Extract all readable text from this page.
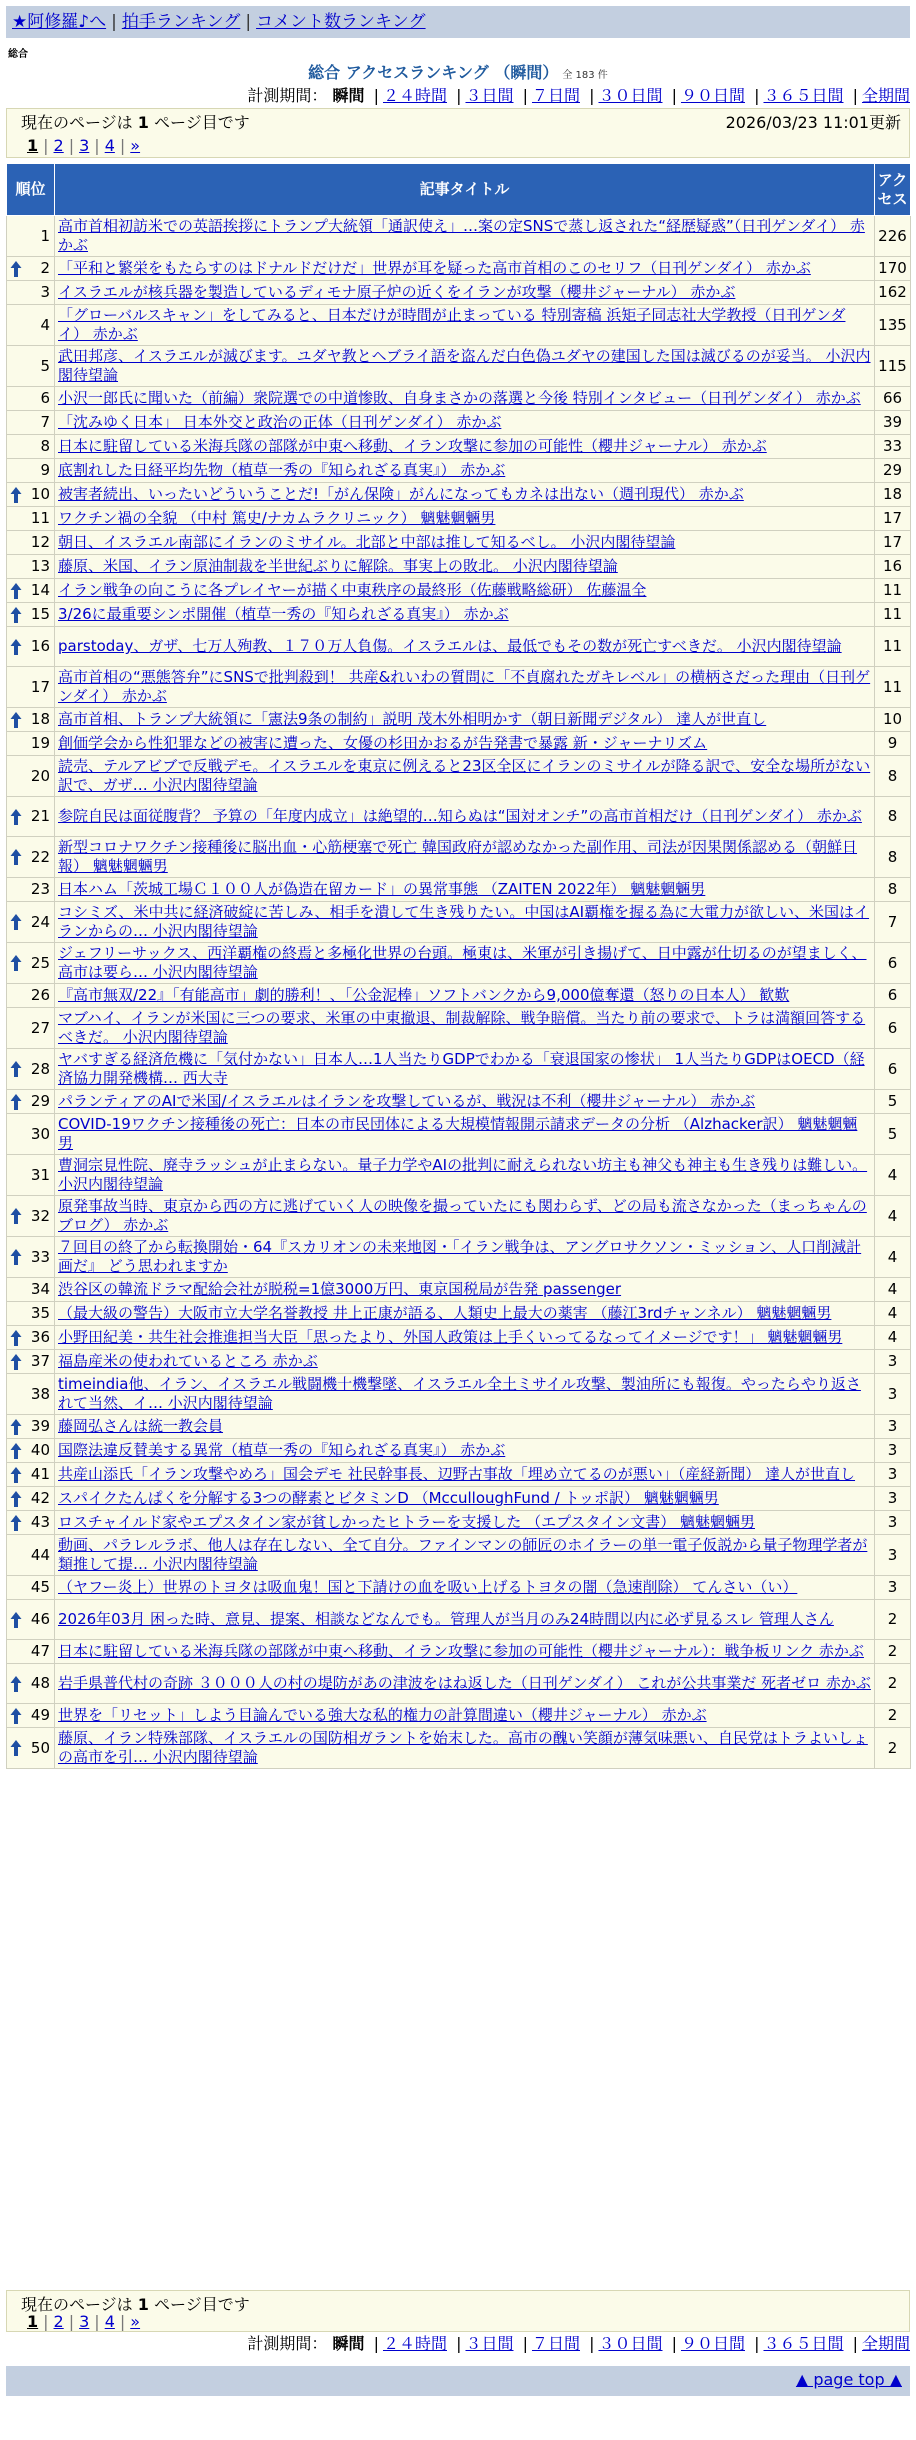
★阿修羅♪へ | 拍手ランキング | コメント数ランキング
総合
総合 アクセスランキング （瞬間） 全 183 件
計測期間： 瞬間 | ２４時間 | ３日間 | ７日間 | ３０日間 | ９０日間 | ３６５日間 | 全期間
現在のページは 1 ページ目です	2026/03/23 11:01更新
1 | 2 | 3 | 4 | »
順位	記事タイトル	アクセス
1	高市首相初訪米での英語挨拶にトランプ大統領「通訳使え」…案の定SNSで蒸し返された“経歴疑惑”（日刊ゲンダイ） 赤かぶ	226

2	「平和と繁栄をもたらすのはドナルドだけだ」世界が耳を疑った高市首相のこのセリフ（日刊ゲンダイ） 赤かぶ	170
3	イスラエルが核兵器を製造しているディモナ原子炉の近くをイランが攻撃（櫻井ジャーナル） 赤かぶ	162
4	「グローバルスキャン」をしてみると、日本だけが時間が止まっている 特別寄稿 浜矩子同志社大学教授（日刊ゲンダイ） 赤かぶ	135
5	武田邦彦、イスラエルが滅びます。ユダヤ教とヘブライ語を盗んだ白色偽ユダヤの建国した国は滅びるのが妥当。 小沢内閣待望論	115
6	小沢一郎氏に聞いた（前編）衆院選での中道惨敗、自身まさかの落選と今後 特別インタビュー（日刊ゲンダイ） 赤かぶ	66
7	「沈みゆく日本」 日本外交と政治の正体（日刊ゲンダイ） 赤かぶ	39
8	日本に駐留している米海兵隊の部隊が中東へ移動、イラン攻撃に参加の可能性（櫻井ジャーナル） 赤かぶ	33
9	底割れした日経平均先物（植草一秀の『知られざる真実』） 赤かぶ	29

10	被害者続出、いったいどういうことだ!「がん保険」がんになってもカネは出ない（週刊現代） 赤かぶ	18
11	ワクチン禍の全貌 （中村 篤史/ナカムラクリニック） 魑魅魍魎男	17
12	朝日、イスラエル南部にイランのミサイル。北部と中部は推して知るべし。 小沢内閣待望論	17
13	藤原、米国、イラン原油制裁を半世紀ぶりに解除。事実上の敗北。 小沢内閣待望論	16

14	イラン戦争の向こうに各プレイヤーが描く中東秩序の最終形（佐藤戦略総研） 佐藤温全	11

15	3/26に最重要シンポ開催（植草一秀の『知られざる真実』） 赤かぶ	11

16	parstoday、ガザ、七万人殉教、１７０万人負傷。イスラエルは、最低でもその数が死亡すべきだ。 小沢内閣待望論	11
17	高市首相の“悪態答弁”にSNSで批判殺到！ 共産&れいわの質問に「不貞腐れたガキレベル」の横柄さだった理由（日刊ゲンダイ） 赤かぶ	11

18	高市首相、トランプ大統領に「憲法9条の制約」説明 茂木外相明かす（朝日新聞デジタル） 達人が世直し	10
19	創価学会から性犯罪などの被害に遭った、女優の杉田かおるが告発書で暴露 新・ジャーナリズム	9
20	読売、テルアビブで反戦デモ。イスラエルを東京に例えると23区全区にイランのミサイルが降る訳で、安全な場所がない訳で、ガザ… 小沢内閣待望論	8

21	参院自民は面従腹背？ 予算の「年度内成立」は絶望的…知らぬは“国対オンチ”の高市首相だけ（日刊ゲンダイ） 赤かぶ	8

22	新型コロナワクチン接種後に脳出血・心筋梗塞で死亡 韓国政府が認めなかった副作用、司法が因果関係認める（朝鮮日報） 魑魅魍魎男	8
23	日本ハム「茨城工場Ｃ１００人が偽造在留カード」の異常事態 （ZAITEN 2022年） 魑魅魍魎男	8

24	コシミズ、米中共に経済破綻に苦しみ、相手を潰して生き残りたい。中国はAI覇権を握る為に大電力が欲しい、米国はイランからの… 小沢内閣待望論	7

25	ジェフリーサックス、西洋覇権の終焉と多極化世界の台頭。極東は、米軍が引き揚げて、日中露が仕切るのが望ましく、高市は要ら… 小沢内閣待望論	6
26	『高市無双/22』「有能高市」劇的勝利！、「公金泥棒」ソフトバンクから9,000億奪還（怒りの日本人） 歓歎	6
27	マブハイ、イランが米国に三つの要求、米軍の中東撤退、制裁解除、戦争賠償。当たり前の要求で、トラは満額回答するべきだ。 小沢内閣待望論	6

28	ヤバすぎる経済危機に「気付かない」日本人…1人当たりGDPでわかる「衰退国家の惨状」 1人当たりGDPはOECD（経済協力開発機構… 西大寺	6

29	パランティアのAIで米国/イスラエルはイランを攻撃しているが、戦況は不利（櫻井ジャーナル） 赤かぶ	5
30	COVID-19ワクチン接種後の死亡：日本の市民団体による大規模情報開示請求データの分析 （Alzhacker訳） 魑魅魍魎男	5
31	曹洞宗見性院、廃寺ラッシュが止まらない。量子力学やAIの批判に耐えられない坊主も神父も神主も生き残りは難しい。 小沢内閣待望論	4

32	原発事故当時、東京から西の方に逃げていく人の映像を撮っていたにも関わらず、どの局も流さなかった（まっちゃんのブログ） 赤かぶ	4

33	７回目の終了から転換開始・64『スカリオンの未来地図・「イラン戦争は、アングロサクソン・ミッション、人口削減計画だ』 どう思われますか	4
34	渋谷区の韓流ドラマ配給会社が脱税=1億3000万円、東京国税局が告発 passenger	4
35	（最大級の警告）大阪市立大学名誉教授 井上正康が語る、人類史上最大の薬害 （藤江3rdチャンネル） 魑魅魍魎男	4

36	小野田紀美・共生社会推進担当大臣「思ったより、外国人政策は上手くいってるなってイメージです！」 魑魅魍魎男	4

37	福島産米の使われているところ 赤かぶ	3
38	timeindia他、イラン、イスラエル戦闘機十機撃墜、イスラエル全土ミサイル攻撃、製油所にも報復。やったらやり返されて当然、イ… 小沢内閣待望論	3

39	藤岡弘さんは統一教会員	3

40	国際法違反賛美する異常（植草一秀の『知られざる真実』） 赤かぶ	3

41	共産山添氏「イラン攻撃やめろ」国会デモ 社民幹事長、辺野古事故「埋め立てるのが悪い」（産経新聞） 達人が世直し	3

42	スパイクたんぱくを分解する3つの酵素とビタミンD （McculloughFund / トッポ訳） 魑魅魍魎男	3

43	ロスチャイルド家やエプスタイン家が貧しかったヒトラーを支援した （エプスタイン文書） 魑魅魍魎男	3
44	動画、パラレルラボ、他人は存在しない、全て自分。ファインマンの師匠のホイラーの単一電子仮説から量子物理学者が類推して提… 小沢内閣待望論	3
45	（ヤフー炎上）世界のトヨタは吸血鬼！国と下請けの血を吸い上げるトヨタの闇（急速削除） てんさい（い）	3

46	2026年03月 困った時、意見、提案、相談などなんでも。管理人が当月のみ24時間以内に必ず見るスレ 管理人さん	2
47	日本に駐留している米海兵隊の部隊が中東へ移動、イラン攻撃に参加の可能性（櫻井ジャーナル）：戦争板リンク 赤かぶ	2

48	岩手県普代村の奇跡 ３０００人の村の堤防があの津波をはね返した（日刊ゲンダイ） これが公共事業だ 死者ゼロ 赤かぶ	2

49	世界を「リセット」しよう目論んでいる強大な私的権力の計算間違い（櫻井ジャーナル） 赤かぶ	2

50	藤原、イラン特殊部隊、イスラエルの国防相ガラントを始末した。高市の醜い笑顔が薄気味悪い、自民党はトラよいしょの高市を引… 小沢内閣待望論	2
現在のページは 1 ページ目です
1 | 2 | 3 | 4 | »
計測期間： 瞬間 | ２４時間 | ３日間 | ７日間 | ３０日間 | ９０日間 | ３６５日間 | 全期間
▲ page top ▲
